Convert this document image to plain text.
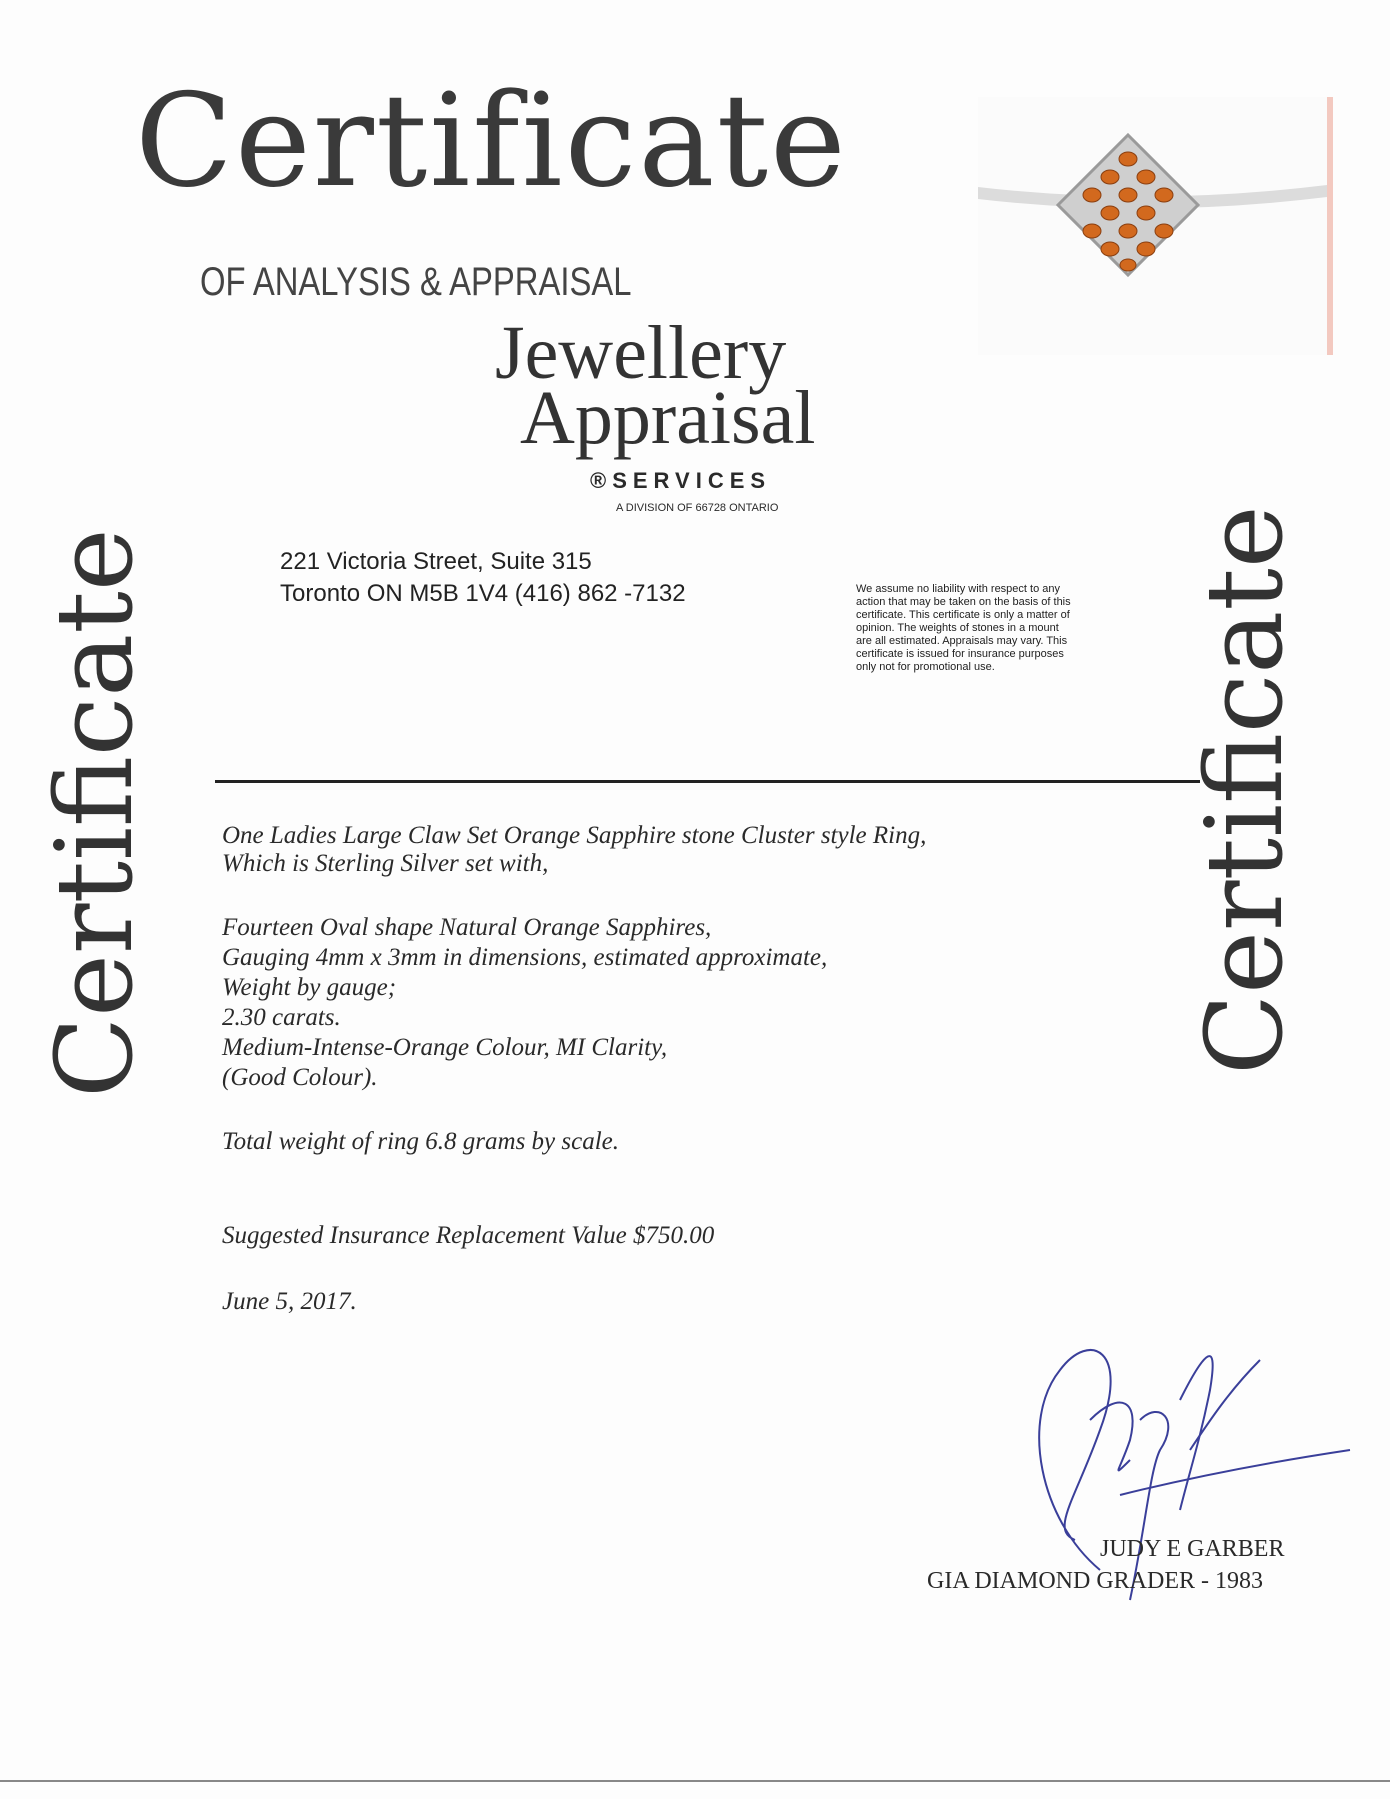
Certificate
OF ANALYSIS & APPRAISAL
Jewellery
Appraisal
®SERVICES
A DIVISION OF 66728 ONTARIO
221 Victoria Street, Suite 315
Toronto ON M5B 1V4 (416) 862 -7132	We assume no liability with respect to any
action that may be taken on the basis of this
certificate. This certificate is only a matter of
opinion. The weights of stones in a mount
are all estimated. Appraisals may vary. This
certificate is issued for insurance purposes
only not for promotional use.
Certificate	Certificate
One Ladies Large Claw Set Orange Sapphire stone Cluster style Ring,
Which is Sterling Silver set with,
Fourteen Oval shape Natural Orange Sapphires,
Gauging 4mm x 3mm in dimensions, estimated approximate,
Weight by gauge;
2.30 carats.
Medium-Intense-Orange Colour, MI Clarity,
(Good Colour).
Total weight of ring 6.8 grams by scale.
Suggested Insurance Replacement Value $750.00
June 5, 2017.
JUDY E GARBER
GIA DIAMOND GRADER - 1983
